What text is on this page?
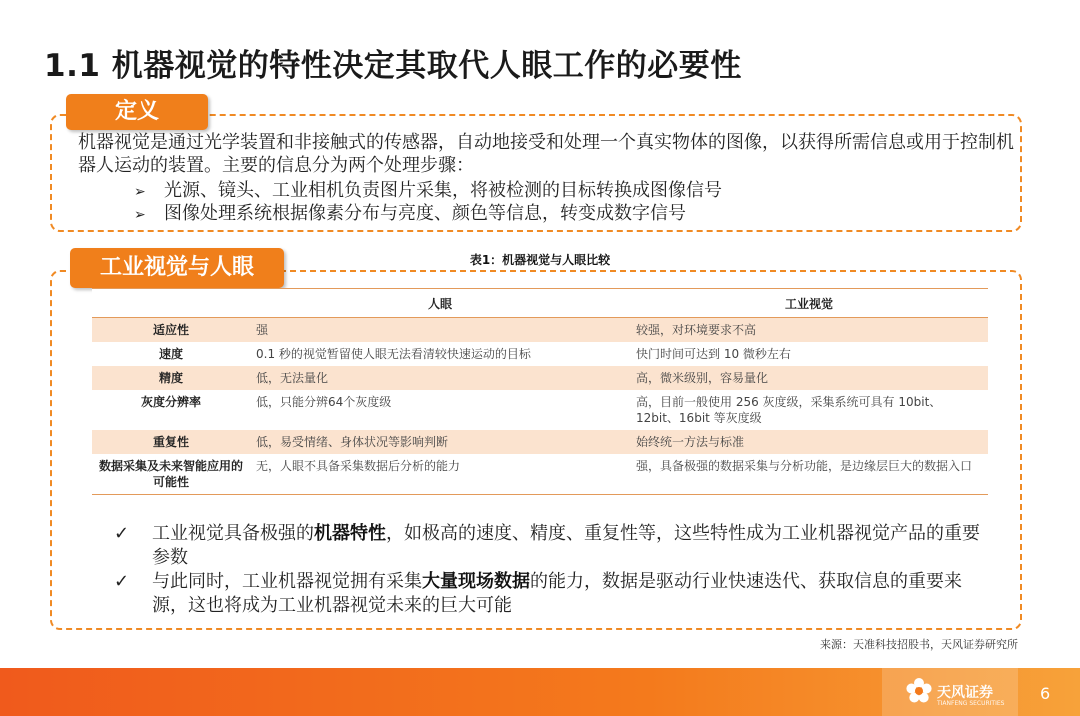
1.1 机器视觉的特性决定其取代人眼工作的必要性
定义
机器视觉是通过光学装置和非接触式的传感器，自动地接受和处理一个真实物体的图像，以获得所需信息或用于控制机器人运动的装置。主要的信息分为两个处理步骤：
➢ 光源、镜头、工业相机负责图片采集，将被检测的目标转换成图像信号
➢ 图像处理系统根据像素分布与亮度、颜色等信息，转变成数字信号
工业视觉与人眼	表1：机器视觉与人眼比较
	人眼	工业视觉
适应性	强	较强，对环境要求不高
速度	0.1 秒的视觉暂留使人眼无法看清较快速运动的目标	快门时间可达到 10 微秒左右
精度	低，无法量化	高，微米级别，容易量化
灰度分辨率	低，只能分辨64个灰度级	高，目前一般使用 256 灰度级，采集系统可具有 10bit、12bit、16bit 等灰度级
重复性	低，易受情绪、身体状况等影响判断	始终统一方法与标准
数据采集及未来智能应用的可能性	无，人眼不具备采集数据后分析的能力	强，具备极强的数据采集与分析功能，是边缘层巨大的数据入口
✓ 工业视觉具备极强的机器特性，如极高的速度、精度、重复性等，这些特性成为工业机器视觉产品的重要参数
✓ 与此同时，工业机器视觉拥有采集大量现场数据的能力，数据是驱动行业快速迭代、获取信息的重要来源，这也将成为工业机器视觉未来的巨大可能
来源：天准科技招股书，天风证券研究所
天风证券
TIANFENG SECURITIES
6
